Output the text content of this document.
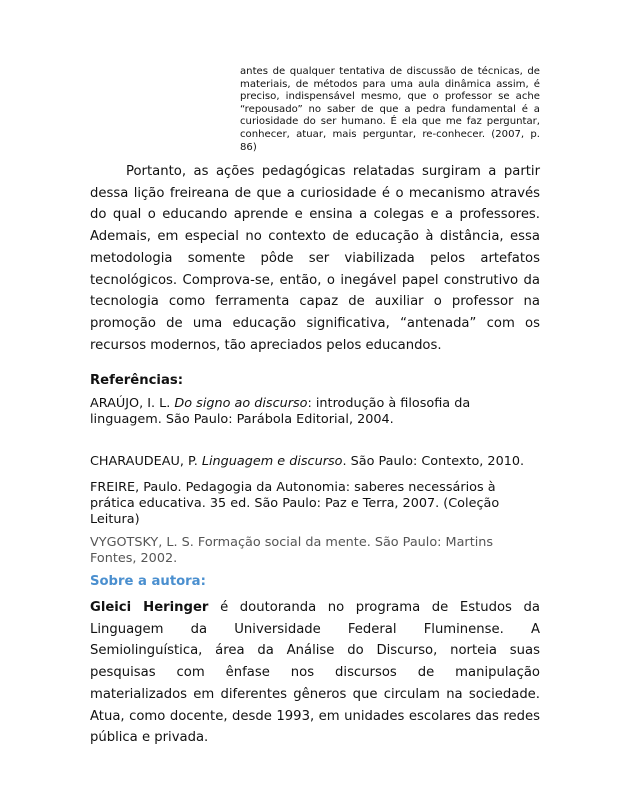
antes de qualquer tentativa de discussão de técnicas, de materiais, de métodos para uma aula dinâmica assim, é preciso, indispensável mesmo, que o professor se ache “repousado” no saber de que a pedra fundamental é a curiosidade do ser humano. É ela que me faz perguntar, conhecer, atuar, mais perguntar, re-conhecer. (2007, p. 86)
Portanto, as ações pedagógicas relatadas surgiram a partir dessa lição freireana de que a curiosidade é o mecanismo através do qual o educando aprende e ensina a colegas e a professores. Ademais, em especial no contexto de educação à distância, essa metodologia somente pôde ser viabilizada pelos artefatos tecnológicos. Comprova-se, então, o inegável papel construtivo da tecnologia como ferramenta capaz de auxiliar o professor na promoção de uma educação significativa, “antenada” com os recursos modernos, tão apreciados pelos educandos.
Referências:
ARAÚJO, I. L. Do signo ao discurso: introdução à filosofia da linguagem. São Paulo: Parábola Editorial, 2004.
CHARAUDEAU, P. Linguagem e discurso. São Paulo: Contexto, 2010.
FREIRE, Paulo. Pedagogia da Autonomia: saberes necessários à prática educativa. 35 ed. São Paulo: Paz e Terra, 2007. (Coleção Leitura)
VYGOTSKY, L. S. Formação social da mente. São Paulo: Martins Fontes, 2002.
Sobre a autora:
Gleici Heringer é doutoranda no programa de Estudos da Linguagem da Universidade Federal Fluminense. A Semiolinguística, área da Análise do Discurso, norteia suas pesquisas com ênfase nos discursos de manipulação materializados em diferentes gêneros que circulam na sociedade. Atua, como docente, desde 1993, em unidades escolares das redes pública e privada.
